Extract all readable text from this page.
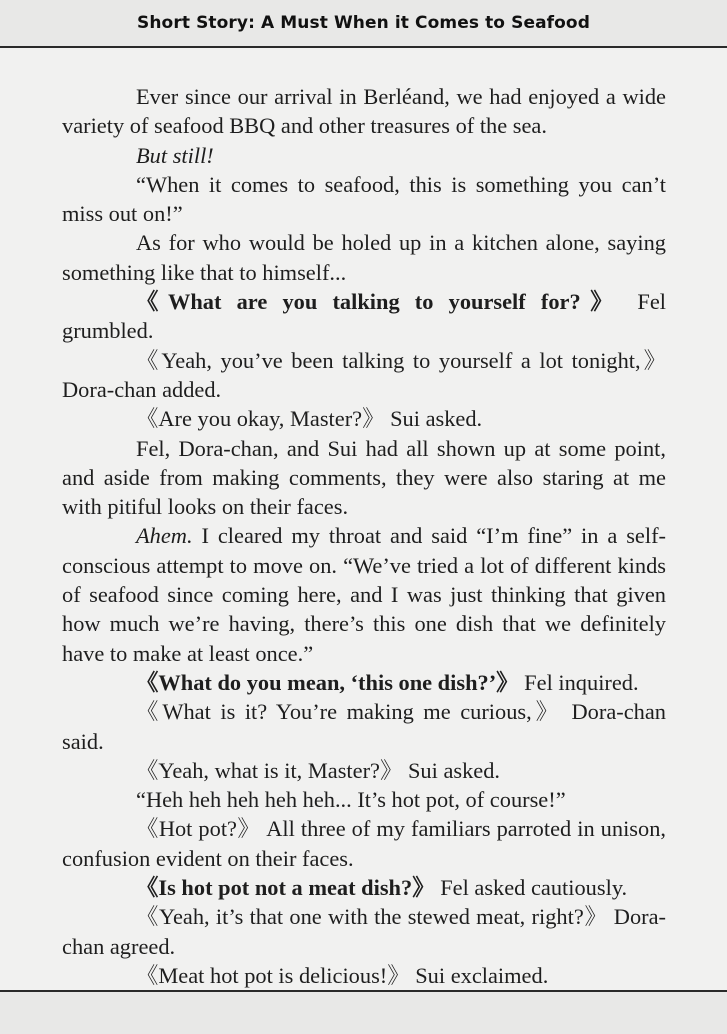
Short Story: A Must When it Comes to Seafood

Ever since our arrival in Berléand, we had enjoyed a wide variety of seafood BBQ and other treasures of the sea.

But still!

“When it comes to seafood, this is something you can’t miss out on!”

As for who would be holed up in a kitchen alone, saying something like that to himself...

《What are you talking to yourself for?》 Fel grumbled.

《Yeah, you’ve been talking to yourself a lot tonight,》 Dora-chan added.

《Are you okay, Master?》 Sui asked.

Fel, Dora-chan, and Sui had all shown up at some point, and aside from making comments, they were also staring at me with pitiful looks on their faces.

Ahem. I cleared my throat and said “I’m fine” in a self-conscious attempt to move on. “We’ve tried a lot of different kinds of seafood since coming here, and I was just thinking that given how much we’re having, there’s this one dish that we definitely have to make at least once.”

《What do you mean, ‘this one dish?’》 Fel inquired.

《What is it? You’re making me curious,》 Dora-chan said.

《Yeah, what is it, Master?》 Sui asked.

“Heh heh heh heh heh... It’s hot pot, of course!”

《Hot pot?》 All three of my familiars parroted in unison, confusion evident on their faces.

《Is hot pot not a meat dish?》 Fel asked cautiously.

《Yeah, it’s that one with the stewed meat, right?》 Dora-chan agreed.

《Meat hot pot is delicious!》 Sui exclaimed.
